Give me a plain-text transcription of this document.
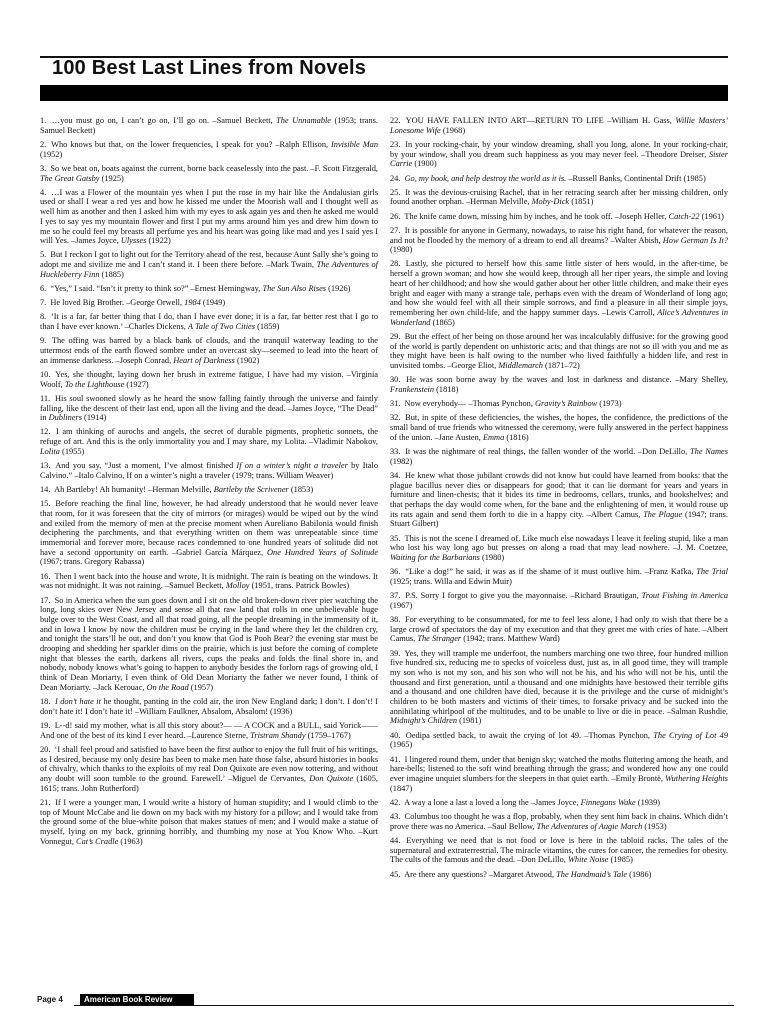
100 Best Last Lines from Novels

1. …you must go on, I can’t go on, I’ll go on. –Samuel Beckett, The Unnamable (1953; trans. Samuel Beckett)

2. Who knows but that, on the lower frequencies, I speak for you? –Ralph Ellison, Invisible Man (1952)

3. So we beat on, boats against the current, borne back ceaselessly into the past. –F. Scott Fitzgerald, The Great Gatsby (1925)

4. …I was a Flower of the mountain yes when I put the rose in my hair like the Andalusian girls used or shall I wear a red yes and how he kissed me under the Moorish wall and I thought well as well him as another and then I asked him with my eyes to ask again yes and then he asked me would I yes to say yes my mountain flower and first I put my arms around him yes and drew him down to me so he could feel my breasts all perfume yes and his heart was going like mad and yes I said yes I will Yes. –James Joyce, Ulysses (1922)

5. But I reckon I got to light out for the Territory ahead of the rest, because Aunt Sally she’s going to adopt me and sivilize me and I can’t stand it. I been there before. –Mark Twain, The Adventures of Huckleberry Finn (1885)

6. “Yes,” I said. “Isn’t it pretty to think so?” –Ernest Hemingway, The Sun Also Rises (1926)

7. He loved Big Brother. –George Orwell, 1984 (1949)

8. ‘It is a far, far better thing that I do, than I have ever done; it is a far, far better rest that I go to than I have ever known.’ –Charles Dickens, A Tale of Two Cities (1859)

9. The offing was barred by a black bank of clouds, and the tranquil waterway leading to the uttermost ends of the earth flowed sombre under an overcast sky—seemed to lead into the heart of an immense darkness. –Joseph Conrad, Heart of Darkness (1902)

10. Yes, she thought, laying down her brush in extreme fatigue, I have had my vision. –Virginia Woolf, To the Lighthouse (1927)

11. His soul swooned slowly as he heard the snow falling faintly through the universe and faintly falling, like the descent of their last end, upon all the living and the dead. –James Joyce, “The Dead” in Dubliners (1914)

12. I am thinking of aurochs and angels, the secret of durable pigments, prophetic sonnets, the refuge of art. And this is the only immortality you and I may share, my Lolita. –Vladimir Nabokov, Lolita (1955)

13. And you say, “Just a moment, I’ve almost finished If on a winter’s night a traveler by Italo Calvino.” –Italo Calvino, If on a winter’s night a traveler (1979; trans. William Weaver)

14. Ah Bartleby! Ah humanity! –Herman Melville, Bartleby the Scrivener (1853)

15. Before reaching the final line, however, he had already understood that he would never leave that room, for it was foreseen that the city of mirrors (or mirages) would be wiped out by the wind and exiled from the memory of men at the precise moment when Aureliano Babilonia would finish deciphering the parchments, and that everything written on them was unrepeatable since time immemorial and forever more, because races condemned to one hundred years of solitude did not have a second opportunity on earth. –Gabriel García Márquez, One Hundred Years of Solitude (1967; trans. Gregory Rabassa)

16. Then I went back into the house and wrote, It is midnight. The rain is beating on the windows. It was not midnight. It was not raining. –Samuel Beckett, Molloy (1951, trans. Patrick Bowles)

17. So in America when the sun goes down and I sit on the old broken-down river pier watching the long, long skies over New Jersey and sense all that raw land that rolls in one unbelievable huge bulge over to the West Coast, and all that road going, all the people dreaming in the immensity of it, and in Iowa I know by now the children must be crying in the land where they let the children cry, and tonight the stars’ll be out, and don’t you know that God is Pooh Bear? the evening star must be drooping and shedding her sparkler dims on the prairie, which is just before the coming of complete night that blesses the earth, darkens all rivers, cups the peaks and folds the final shore in, and nobody, nobody knows what’s going to happen to anybody besides the forlorn rags of growing old, I think of Dean Moriarty, I even think of Old Dean Moriarty the father we never found, I think of Dean Moriarty. –Jack Kerouac, On the Road (1957)

18. I don’t hate it he thought, panting in the cold air, the iron New England dark; I don’t. I don’t! I don’t hate it! I don’t hate it! –William Faulkner, Absalom, Absalom! (1936)

19. L--d! said my mother, what is all this story about?— — A COCK and a BULL, said Yorick——And one of the best of its kind I ever heard. –Laurence Sterne, Tristram Shandy (1759–1767)

20. ‘I shall feel proud and satisfied to have been the first author to enjoy the full fruit of his writings, as I desired, because my only desire has been to make men hate those false, absurd histories in books of chivalry, which thanks to the exploits of my real Don Quixote are even now tottering, and without any doubt will soon tumble to the ground. Farewell.’ –Miguel de Cervantes, Don Quixote (1605, 1615; trans. John Rutherford)

21. If I were a younger man, I would write a history of human stupidity; and I would climb to the top of Mount McCabe and lie down on my back with my history for a pillow; and I would take from the ground some of the blue-white poison that makes statues of men; and I would make a statue of myself, lying on my back, grinning horribly, and thumbing my nose at You Know Who. –Kurt Vonnegut, Cat’s Cradle (1963)

22. YOU HAVE FALLEN INTO ART—RETURN TO LIFE –William H. Gass, Willie Masters’ Lonesome Wife (1968)

23. In your rocking-chair, by your window dreaming, shall you long, alone. In your rocking-chair, by your window, shall you dream such happiness as you may never feel. –Theodore Dreiser, Sister Carrie (1900)

24. Go, my book, and help destroy the world as it is. –Russell Banks, Continental Drift (1985)

25. It was the devious-cruising Rachel, that in her retracing search after her missing children, only found another orphan. –Herman Melville, Moby-Dick (1851)

26. The knife came down, missing him by inches, and he took off. –Joseph Heller, Catch-22 (1961)

27. It is possible for anyone in Germany, nowadays, to raise his right hand, for whatever the reason, and not be flooded by the memory of a dream to end all dreams? –Walter Abish, How German Is It? (1980)

28. Lastly, she pictured to herself how this same little sister of hers would, in the after-time, be herself a grown woman; and how she would keep, through all her riper years, the simple and loving heart of her childhood; and how she would gather about her other little children, and make their eyes bright and eager with many a strange tale, perhaps even with the dream of Wonderland of long ago; and how she would feel with all their simple sorrows, and find a pleasure in all their simple joys, remembering her own child-life, and the happy summer days. –Lewis Carroll, Alice’s Adventures in Wonderland (1865)

29. But the effect of her being on those around her was incalculably diffusive: for the growing good of the world is partly dependent on unhistoric acts; and that things are not so ill with you and me as they might have been is half owing to the number who lived faithfully a hidden life, and rest in unvisited tombs. –George Eliot, Middlemarch (1871–72)

30. He was soon borne away by the waves and lost in darkness and distance. –Mary Shelley, Frankenstein (1818)

31. Now everybody— –Thomas Pynchon, Gravity’s Rainbow (1973)

32. But, in spite of these deficiencies, the wishes, the hopes, the confidence, the predictions of the small band of true friends who witnessed the ceremony, were fully answered in the perfect happiness of the union. –Jane Austen, Emma (1816)

33. It was the nightmare of real things, the fallen wonder of the world. –Don DeLillo, The Names (1982)

34. He knew what those jubilant crowds did not know but could have learned from books: that the plague bacillus never dies or disappears for good; that it can lie dormant for years and years in furniture and linen-chests; that it bides its time in bedrooms, cellars, trunks, and bookshelves; and that perhaps the day would come when, for the bane and the enlightening of men, it would rouse up its rats again and send them forth to die in a happy city. –Albert Camus, The Plague (1947; trans. Stuart Gilbert)

35. This is not the scene I dreamed of. Like much else nowadays I leave it feeling stupid, like a man who lost his way long ago but presses on along a road that may lead nowhere. –J. M. Coetzee, Waiting for the Barbarians (1980)

36. “Like a dog!” he said, it was as if the shame of it must outlive him. –Franz Kafka, The Trial (1925; trans. Willa and Edwin Muir)

37. P.S. Sorry I forgot to give you the mayonnaise. –Richard Brautigan, Trout Fishing in America (1967)

38. For everything to be consummated, for me to feel less alone, I had only to wish that there be a large crowd of spectators the day of my execution and that they greet me with cries of hate. –Albert Camus, The Stranger (1942; trans. Matthew Ward)

39. Yes, they will trample me underfoot, the numbers marching one two three, four hundred million five hundred six, reducing me to specks of voiceless dust, just as, in all good time, they will trample my son who is not my son, and his son who will not be his, and his who will not be his, until the thousand and first generation, until a thousand and one midnights have bestowed their terrible gifts and a thousand and one children have died, because it is the privilege and the curse of midnight’s children to be both masters and victims of their times, to forsake privacy and be sucked into the annihilating whirlpool of the multitudes, and to be unable to live or die in peace. –Salman Rushdie, Midnight’s Children (1981)

40. Oedipa settled back, to await the crying of lot 49. –Thomas Pynchon, The Crying of Lot 49 (1965)

41. I lingered round them, under that benign sky; watched the moths fluttering among the heath, and hare-bells; listened to the soft wind breathing through the grass; and wondered how any one could ever imagine unquiet slumbers for the sleepers in that quiet earth. –Emily Brontë, Wuthering Heights (1847)

42. A way a lone a last a loved a long the –James Joyce, Finnegans Wake (1939)

43. Columbus too thought he was a flop, probably, when they sent him back in chains. Which didn’t prove there was no America. –Saul Bellow, The Adventures of Augie March (1953)

44. Everything we need that is not food or love is here in the tabloid racks. The tales of the supernatural and extraterrestrial. The miracle vitamins, the cures for cancer, the remedies for obesity. The cults of the famous and the dead. –Don DeLillo, White Noise (1985)

45. Are there any questions? –Margaret Atwood, The Handmaid’s Tale (1986)

Page 4	American Book Review
